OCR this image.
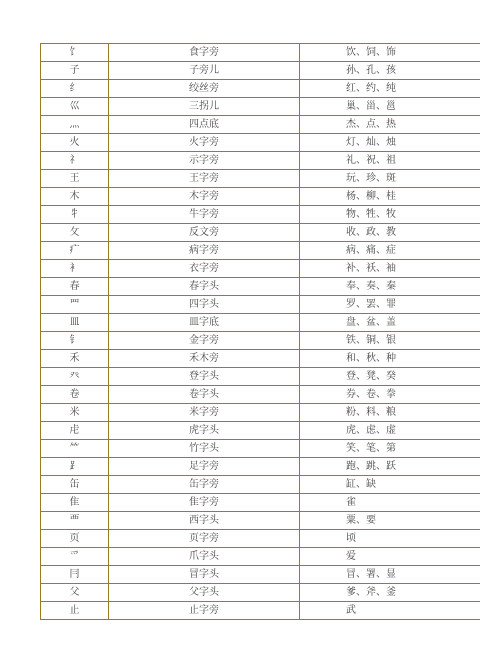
饣	食字旁	饮、饲、饰
子	子旁儿	孙、孔、孩
纟	绞丝旁	红、约、纯
巛	三拐儿	巢、甾、邕
灬	四点底	杰、点、热
火	火字旁	灯、灿、烛
礻	示字旁	礼、祝、祖
王	王字旁	玩、珍、斑
木	木字旁	杨、柳、桂
牜	牛字旁	物、牲、牧
攵	反文旁	收、政、教
疒	病字旁	病、痛、症
衤	衣字旁	补、袄、袖
春	春字头	奉、奏、秦
罒	四字头	罗、罢、罪
皿	皿字底	盘、盆、盖
钅	金字旁	铁、铜、银
禾	禾木旁	和、秋、种
癶	登字头	登、凳、癸
卷	卷字头	券、卷、拳
米	米字旁	粉、料、粮
虍	虎字头	虎、虑、虚
⺮	竹字头	笑、笔、第
⻊	足字旁	跑、跳、跃
缶	缶字旁	缸、缺
隹	隹字旁	雀
覀	西字头	粟、要
页	页字旁	顷
爫	爪字头	爱
冃	冒字头	冒、署、显
父	父字头	爹、斧、釜
止	止字旁	武
